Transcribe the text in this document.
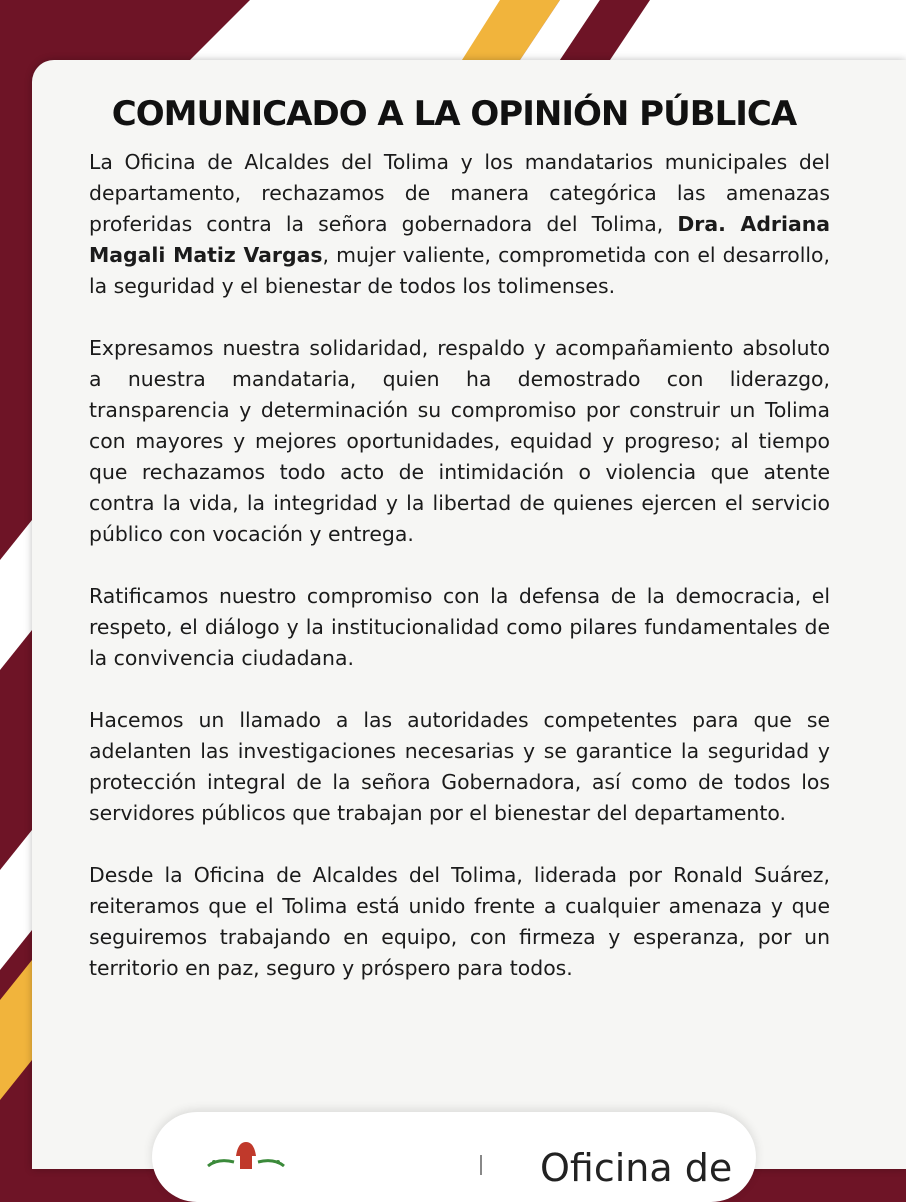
COMUNICADO A LA OPINIÓN PÚBLICA

La Oficina de Alcaldes del Tolima y los mandatarios municipales del departamento, rechazamos de manera categórica las amenazas proferidas contra la señora gobernadora del Tolima, Dra. Adriana Magali Matiz Vargas, mujer valiente, comprometida con el desarrollo, la seguridad y el bienestar de todos los tolimenses.

Expresamos nuestra solidaridad, respaldo y acompañamiento absoluto a nuestra mandataria, quien ha demostrado con liderazgo, transparencia y determinación su compromiso por construir un Tolima con mayores y mejores oportunidades, equidad y progreso; al tiempo que rechazamos todo acto de intimidación o violencia que atente contra la vida, la integridad y la libertad de quienes ejercen el servicio público con vocación y entrega.

Ratificamos nuestro compromiso con la defensa de la democracia, el respeto, el diálogo y la institucionalidad como pilares fundamentales de la convivencia ciudadana.

Hacemos un llamado a las autoridades competentes para que se adelanten las investigaciones necesarias y se garantice la seguridad y protección integral de la señora Gobernadora, así como de todos los servidores públicos que trabajan por el bienestar del departamento.

Desde la Oficina de Alcaldes del Tolima, liderada por Ronald Suárez, reiteramos que el Tolima está unido frente a cualquier amenaza y que seguiremos trabajando en equipo, con firmeza y esperanza, por un territorio en paz, seguro y próspero para todos.

Oficina de
